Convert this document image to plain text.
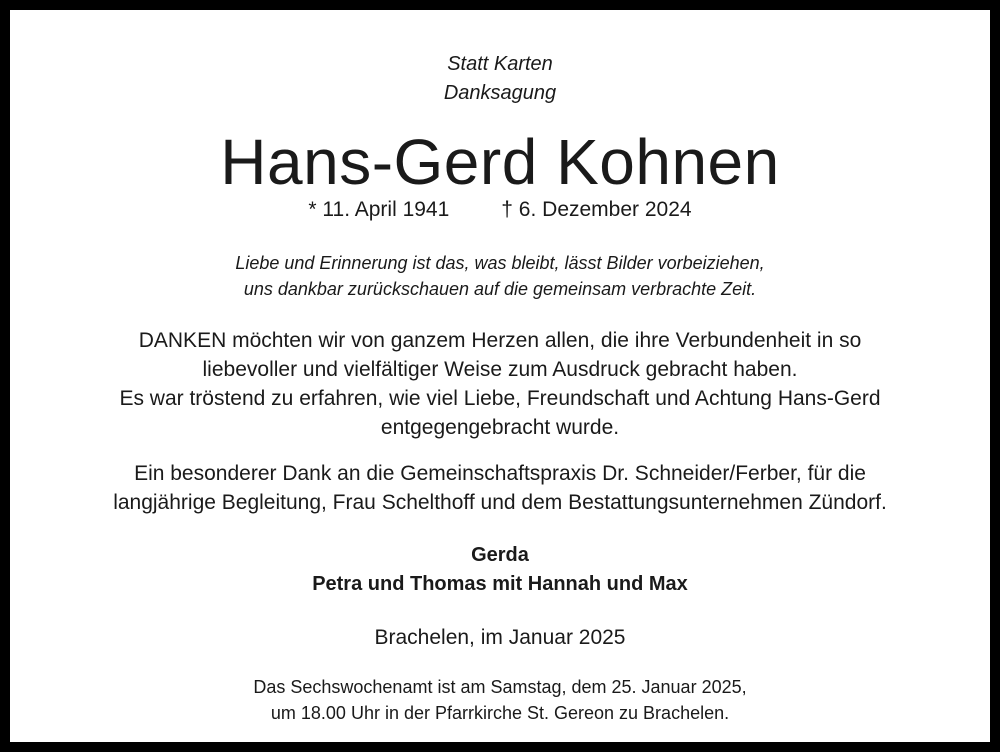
Statt Karten
Danksagung
Hans-Gerd Kohnen
* 11. April 1941 † 6. Dezember 2024
Liebe und Erinnerung ist das, was bleibt, lässt Bilder vorbeiziehen,
uns dankbar zurückschauen auf die gemeinsam verbrachte Zeit.
DANKEN möchten wir von ganzem Herzen allen, die ihre Verbundenheit in so
liebevoller und vielfältiger Weise zum Ausdruck gebracht haben.
Es war tröstend zu erfahren, wie viel Liebe, Freundschaft und Achtung Hans-Gerd
entgegengebracht wurde.
Ein besonderer Dank an die Gemeinschaftspraxis Dr. Schneider/Ferber, für die
langjährige Begleitung, Frau Schelthoff und dem Bestattungsunternehmen Zündorf.
Gerda
Petra und Thomas mit Hannah und Max
Brachelen, im Januar 2025
Das Sechswochenamt ist am Samstag, dem 25. Januar 2025,
um 18.00 Uhr in der Pfarrkirche St. Gereon zu Brachelen.
